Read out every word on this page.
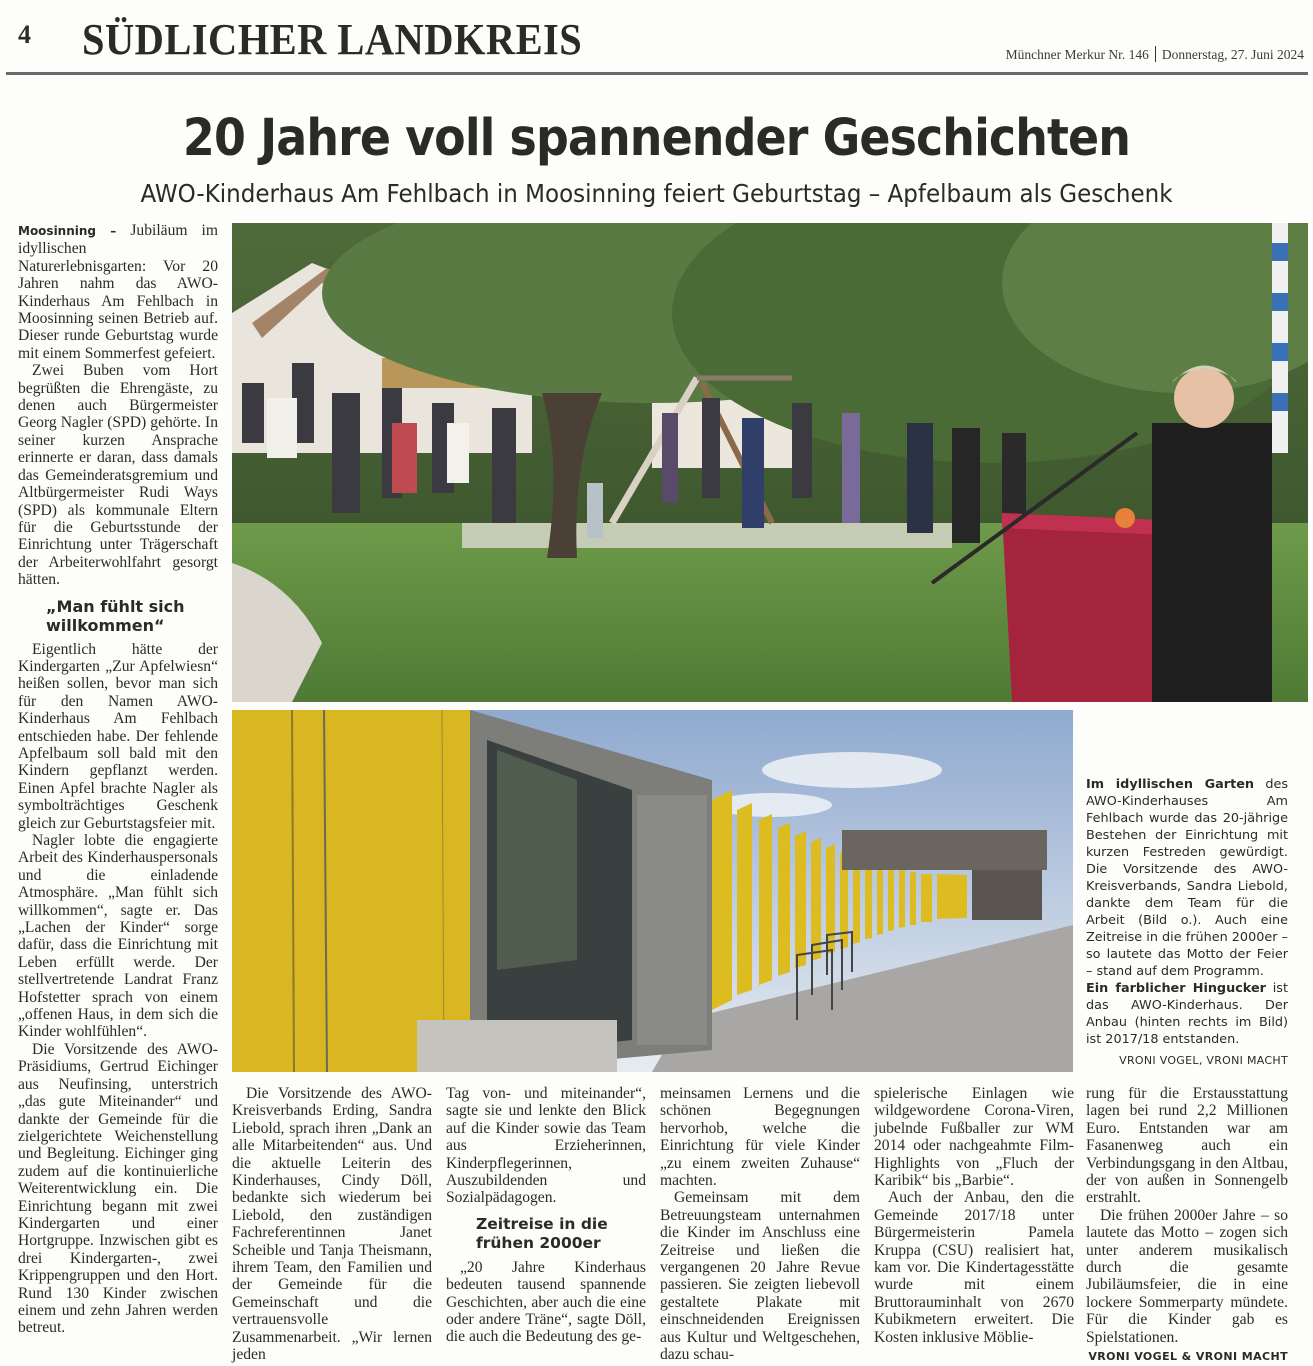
4 SÜDLICHER LANDKREIS	Münchner Merkur Nr. 146 Donnerstag, 27. Juni 2024
20 Jahre voll spannender Geschichten
AWO-Kinderhaus Am Fehlbach in Moosinning feiert Geburtstag – Apfelbaum als Geschenk

Moosinning – Jubiläum im idyllischen Naturerlebnisgarten: Vor 20 Jahren nahm das AWO-Kinderhaus Am Fehlbach in Moosinning seinen Betrieb auf. Dieser runde Geburtstag wurde mit einem Sommerfest gefeiert.

Zwei Buben vom Hort begrüßten die Ehrengäste, zu denen auch Bürgermeister Georg Nagler (SPD) gehörte. In seiner kurzen Ansprache erinnerte er daran, dass damals das Gemeinderatsgremium und Altbürgermeister Rudi Ways (SPD) als kommunale Eltern für die Geburtsstunde der Einrichtung unter Trägerschaft der Arbeiterwohlfahrt gesorgt hätten.

„Man fühlt sich willkommen“

Eigentlich hätte der Kindergarten „Zur Apfelwiesn“ heißen sollen, bevor man sich für den Namen AWO-Kinderhaus Am Fehlbach entschieden habe. Der fehlende Apfelbaum soll bald mit den Kindern gepflanzt werden. Einen Apfel brachte Nagler als symbolträchtiges Geschenk gleich zur Geburtstagsfeier mit.

Nagler lobte die engagierte Arbeit des Kinderhauspersonals und die einladende Atmosphäre. „Man fühlt sich willkommen“, sagte er. Das „Lachen der Kinder“ sorge dafür, dass die Einrichtung mit Leben erfüllt werde. Der stellvertretende Landrat Franz Hofstetter sprach von einem „offenen Haus, in dem sich die Kinder wohlfühlen“.

Die Vorsitzende des AWO-Präsidiums, Gertrud Eichinger aus Neufinsing, unterstrich „das gute Miteinander“ und dankte der Gemeinde für die zielgerichtete Weichenstellung und Begleitung. Eichinger ging zudem auf die kontinuierliche Weiterentwicklung ein. Die Einrichtung begann mit zwei Kindergarten und einer Hortgruppe. Inzwischen gibt es drei Kindergarten-, zwei Krippengruppen und den Hort. Rund 130 Kinder zwischen einem und zehn Jahren werden betreut.

Im idyllischen Garten des AWO-Kinderhauses Am Fehlbach wurde das 20-jährige Bestehen der Einrichtung mit kurzen Festreden gewürdigt. Die Vorsitzende des AWO-Kreisverbands, Sandra Liebold, dankte dem Team für die Arbeit (Bild o.). Auch eine Zeitreise in die frühen 2000er – so lautete das Motto der Feier – stand auf dem Programm.
Ein farblicher Hingucker ist das AWO-Kinderhaus. Der Anbau (hinten rechts im Bild) ist 2017/18 entstanden.
VRONI VOGEL, VRONI MACHT

Die Vorsitzende des AWO-Kreisverbands Erding, Sandra Liebold, sprach ihren „Dank an alle Mitarbeitenden“ aus. Und die aktuelle Leiterin des Kinderhauses, Cindy Döll, bedankte sich wiederum bei Liebold, den zuständigen Fachreferentinnen Janet Scheible und Tanja Theismann, ihrem Team, den Familien und der Gemeinde für die Gemeinschaft und die vertrauensvolle Zusammenarbeit. „Wir lernen jeden

Tag von- und miteinander“, sagte sie und lenkte den Blick auf die Kinder sowie das Team aus Erzieherinnen, Kinderpflegerinnen, Auszubildenden und Sozialpädagogen.

Zeitreise in die frühen 2000er

„20 Jahre Kinderhaus bedeuten tausend spannende Geschichten, aber auch die eine oder andere Träne“, sagte Döll, die auch die Bedeutung des ge-

meinsamen Lernens und die schönen Begegnungen hervorhob, welche die Einrichtung für viele Kinder „zu einem zweiten Zuhause“ machten.

Gemeinsam mit dem Betreuungsteam unternahmen die Kinder im Anschluss eine Zeitreise und ließen die vergangenen 20 Jahre Revue passieren. Sie zeigten liebevoll gestaltete Plakate mit einschneidenden Ereignissen aus Kultur und Weltgeschehen, dazu schau-

spielerische Einlagen wie wildgewordene Corona-Viren, jubelnde Fußballer zur WM 2014 oder nachgeahmte Film-Highlights von „Fluch der Karibik“ bis „Barbie“.

Auch der Anbau, den die Gemeinde 2017/18 unter Bürgermeisterin Pamela Kruppa (CSU) realisiert hat, kam vor. Die Kindertagesstätte wurde mit einem Bruttorauminhalt von 2670 Kubikmetern erweitert. Die Kosten inklusive Möblie-

rung für die Erstausstattung lagen bei rund 2,2 Millionen Euro. Entstanden war am Fasanenweg auch ein Verbindungsgang in den Altbau, der von außen in Sonnengelb erstrahlt.

Die frühen 2000er Jahre – so lautete das Motto – zogen sich unter anderem musikalisch durch die gesamte Jubiläumsfeier, die in eine lockere Sommerparty mündete. Für die Kinder gab es Spielstationen.

VRONI VOGEL & VRONI MACHT
